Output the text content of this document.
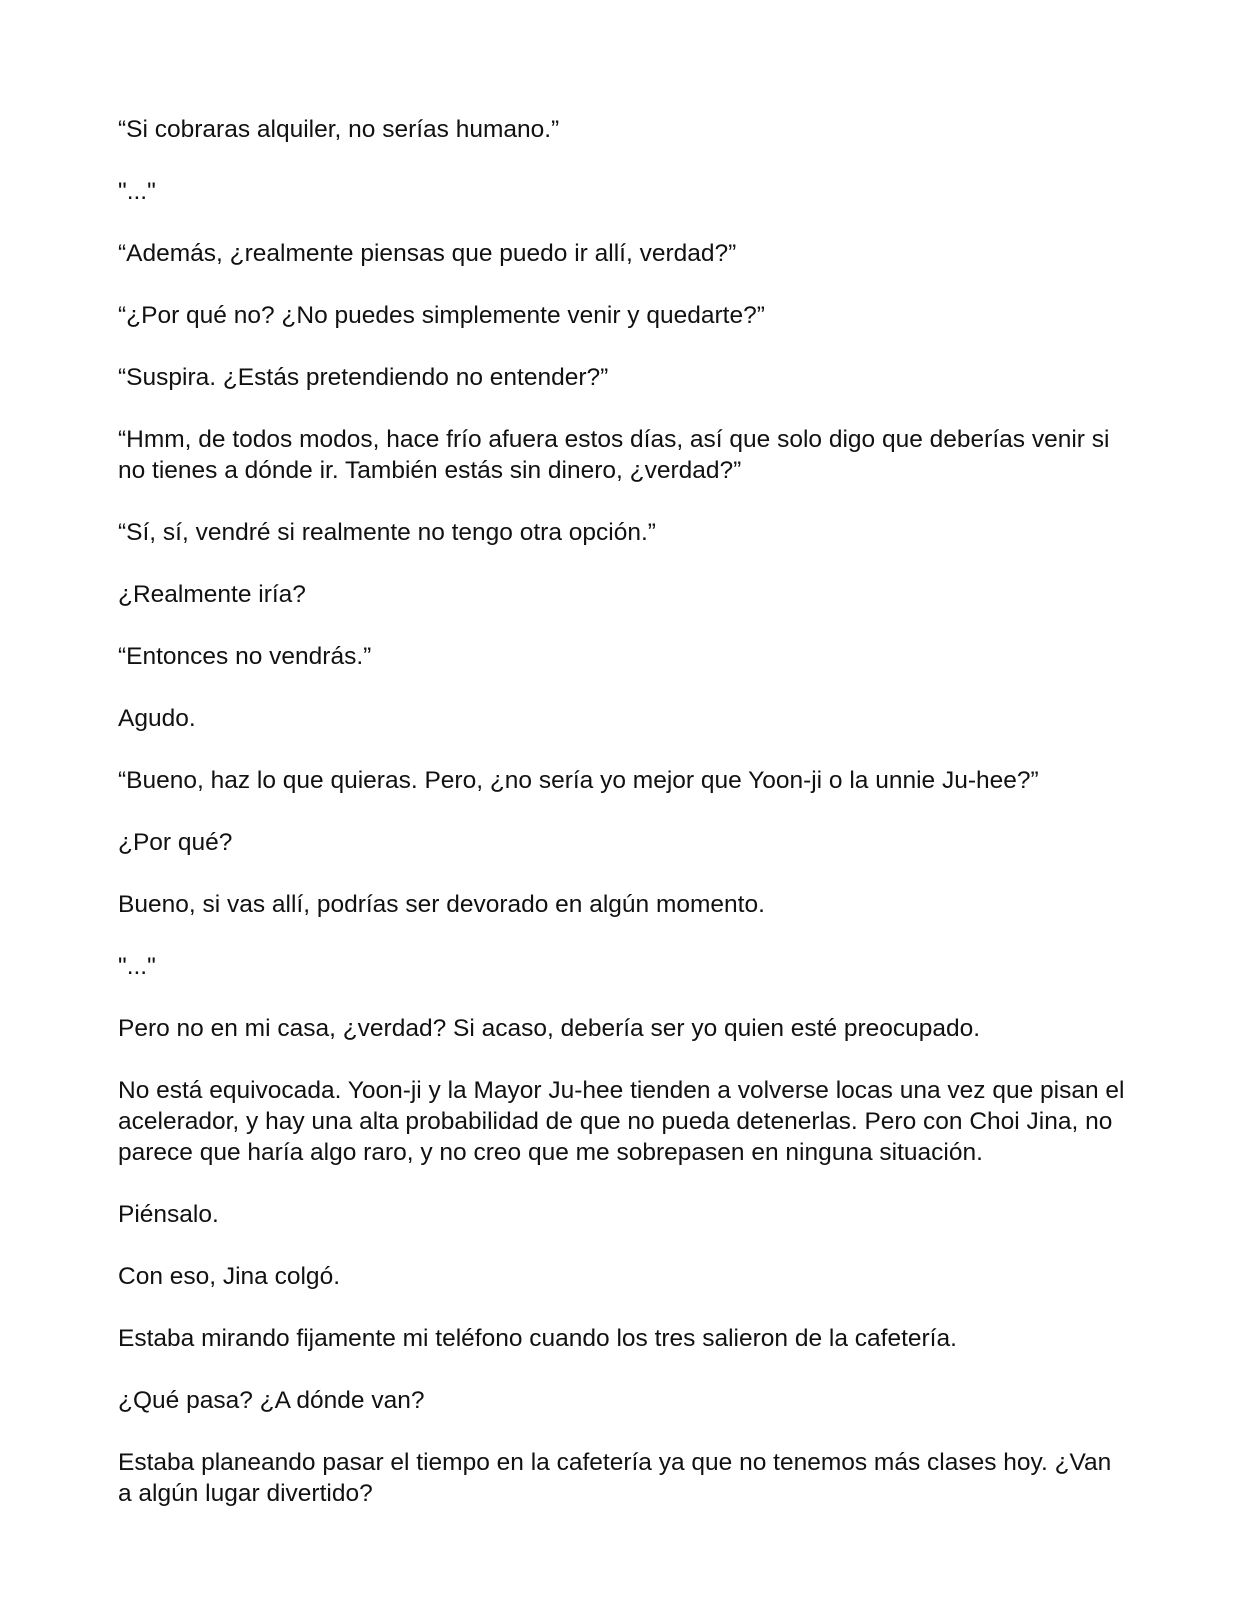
“Si cobraras alquiler, no serías humano.”

"..."

“Además, ¿realmente piensas que puedo ir allí, verdad?”

“¿Por qué no? ¿No puedes simplemente venir y quedarte?”

“Suspira. ¿Estás pretendiendo no entender?”

“Hmm, de todos modos, hace frío afuera estos días, así que solo digo que deberías venir si no tienes a dónde ir. También estás sin dinero, ¿verdad?”

“Sí, sí, vendré si realmente no tengo otra opción.”

¿Realmente iría?

“Entonces no vendrás.”

Agudo.

“Bueno, haz lo que quieras. Pero, ¿no sería yo mejor que Yoon-ji o la unnie Ju-hee?”

¿Por qué?

Bueno, si vas allí, podrías ser devorado en algún momento.

"..."

Pero no en mi casa, ¿verdad? Si acaso, debería ser yo quien esté preocupado.

No está equivocada. Yoon-ji y la Mayor Ju-hee tienden a volverse locas una vez que pisan el acelerador, y hay una alta probabilidad de que no pueda detenerlas. Pero con Choi Jina, no parece que haría algo raro, y no creo que me sobrepasen en ninguna situación.

Piénsalo.

Con eso, Jina colgó.

Estaba mirando fijamente mi teléfono cuando los tres salieron de la cafetería.

¿Qué pasa? ¿A dónde van?

Estaba planeando pasar el tiempo en la cafetería ya que no tenemos más clases hoy. ¿Van a algún lugar divertido?
